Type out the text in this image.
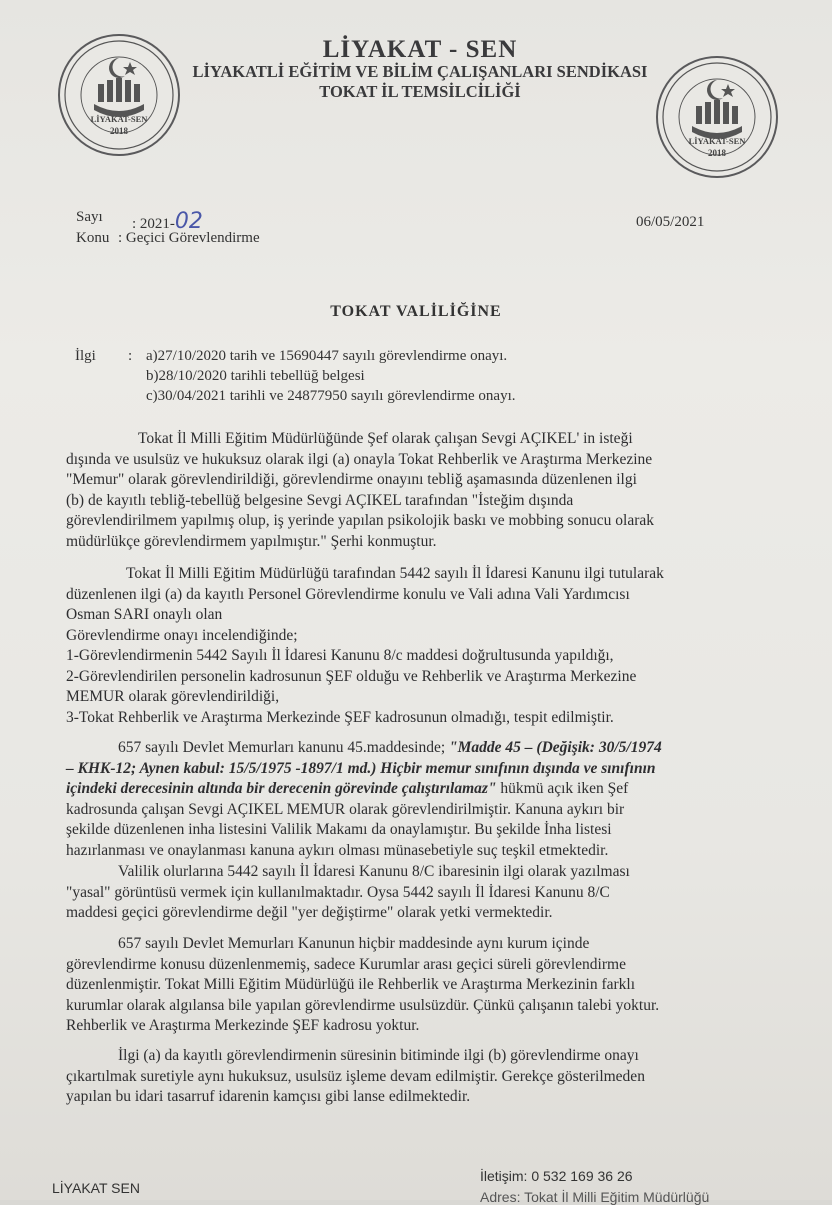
2018
LİYAKAT-SEN
2018
LİYAKAT-SEN
LİYAKAT - SEN
LİYAKATLİ EĞİTİM VE BİLİM ÇALIŞANLARI SENDİKASI
TOKAT İL TEMSİLCİLİĞİ
Sayı : 2021-02
Konu : Geçici Görevlendirme
06/05/2021
TOKAT VALİLİĞİNE
İlgi : a)27/10/2020 tarih ve 15690447 sayılı görevlendirme onayı.
b)28/10/2020 tarihli tebellüğ belgesi
c)30/04/2021 tarihli ve 24877950 sayılı görevlendirme onayı.
Tokat İl Milli Eğitim Müdürlüğünde Şef olarak çalışan Sevgi AÇIKEL' in isteği
dışında ve usulsüz ve hukuksuz olarak ilgi (a) onayla Tokat Rehberlik ve Araştırma Merkezine
"Memur" olarak görevlendirildiği, görevlendirme onayını tebliğ aşamasında düzenlenen ilgi
(b) de kayıtlı tebliğ-tebellüğ belgesine Sevgi AÇIKEL tarafından "İsteğim dışında
görevlendirilmem yapılmış olup, iş yerinde yapılan psikolojik baskı ve mobbing sonucu olarak
müdürlükçe görevlendirmem yapılmıştır." Şerhi konmuştur.
Tokat İl Milli Eğitim Müdürlüğü tarafından 5442 sayılı İl İdaresi Kanunu ilgi tutularak
düzenlenen ilgi (a) da kayıtlı Personel Görevlendirme konulu ve Vali adına Vali Yardımcısı
Osman SARI onaylı olan
Görevlendirme onayı incelendiğinde;
1-Görevlendirmenin 5442 Sayılı İl İdaresi Kanunu 8/c maddesi doğrultusunda yapıldığı,
2-Görevlendirilen personelin kadrosunun ŞEF olduğu ve Rehberlik ve Araştırma Merkezine
MEMUR olarak görevlendirildiği,
3-Tokat Rehberlik ve Araştırma Merkezinde ŞEF kadrosunun olmadığı, tespit edilmiştir.
657 sayılı Devlet Memurları kanunu 45.maddesinde; "Madde 45 – (Değişik: 30/5/1974
– KHK-12; Aynen kabul: 15/5/1975 -1897/1 md.) Hiçbir memur sınıfının dışında ve sınıfının
içindeki derecesinin altında bir derecenin görevinde çalıştırılamaz" hükmü açık iken Şef
kadrosunda çalışan Sevgi AÇIKEL MEMUR olarak görevlendirilmiştir. Kanuna aykırı bir
şekilde düzenlenen inha listesini Valilik Makamı da onaylamıştır. Bu şekilde İnha listesi
hazırlanması ve onaylanması kanuna aykırı olması münasebetiyle suç teşkil etmektedir.
Valilik olurlarına 5442 sayılı İl İdaresi Kanunu 8/C ibaresinin ilgi olarak yazılması
"yasal" görüntüsü vermek için kullanılmaktadır. Oysa 5442 sayılı İl İdaresi Kanunu 8/C
maddesi geçici görevlendirme değil "yer değiştirme" olarak yetki vermektedir.
657 sayılı Devlet Memurları Kanunun hiçbir maddesinde aynı kurum içinde
görevlendirme konusu düzenlenmemiş, sadece Kurumlar arası geçici süreli görevlendirme
düzenlenmiştir. Tokat Milli Eğitim Müdürlüğü ile Rehberlik ve Araştırma Merkezinin farklı
kurumlar olarak algılansa bile yapılan görevlendirme usulsüzdür. Çünkü çalışanın talebi yoktur.
Rehberlik ve Araştırma Merkezinde ŞEF kadrosu yoktur.
İlgi (a) da kayıtlı görevlendirmenin süresinin bitiminde ilgi (b) görevlendirme onayı
çıkartılmak suretiyle aynı hukuksuz, usulsüz işleme devam edilmiştir. Gerekçe gösterilmeden
yapılan bu idari tasarruf idarenin kamçısı gibi lanse edilmektedir.
LİYAKAT SEN
İletişim: 0 532 169 36 26
Adres: Tokat İl Milli Eğitim Müdürlüğü
